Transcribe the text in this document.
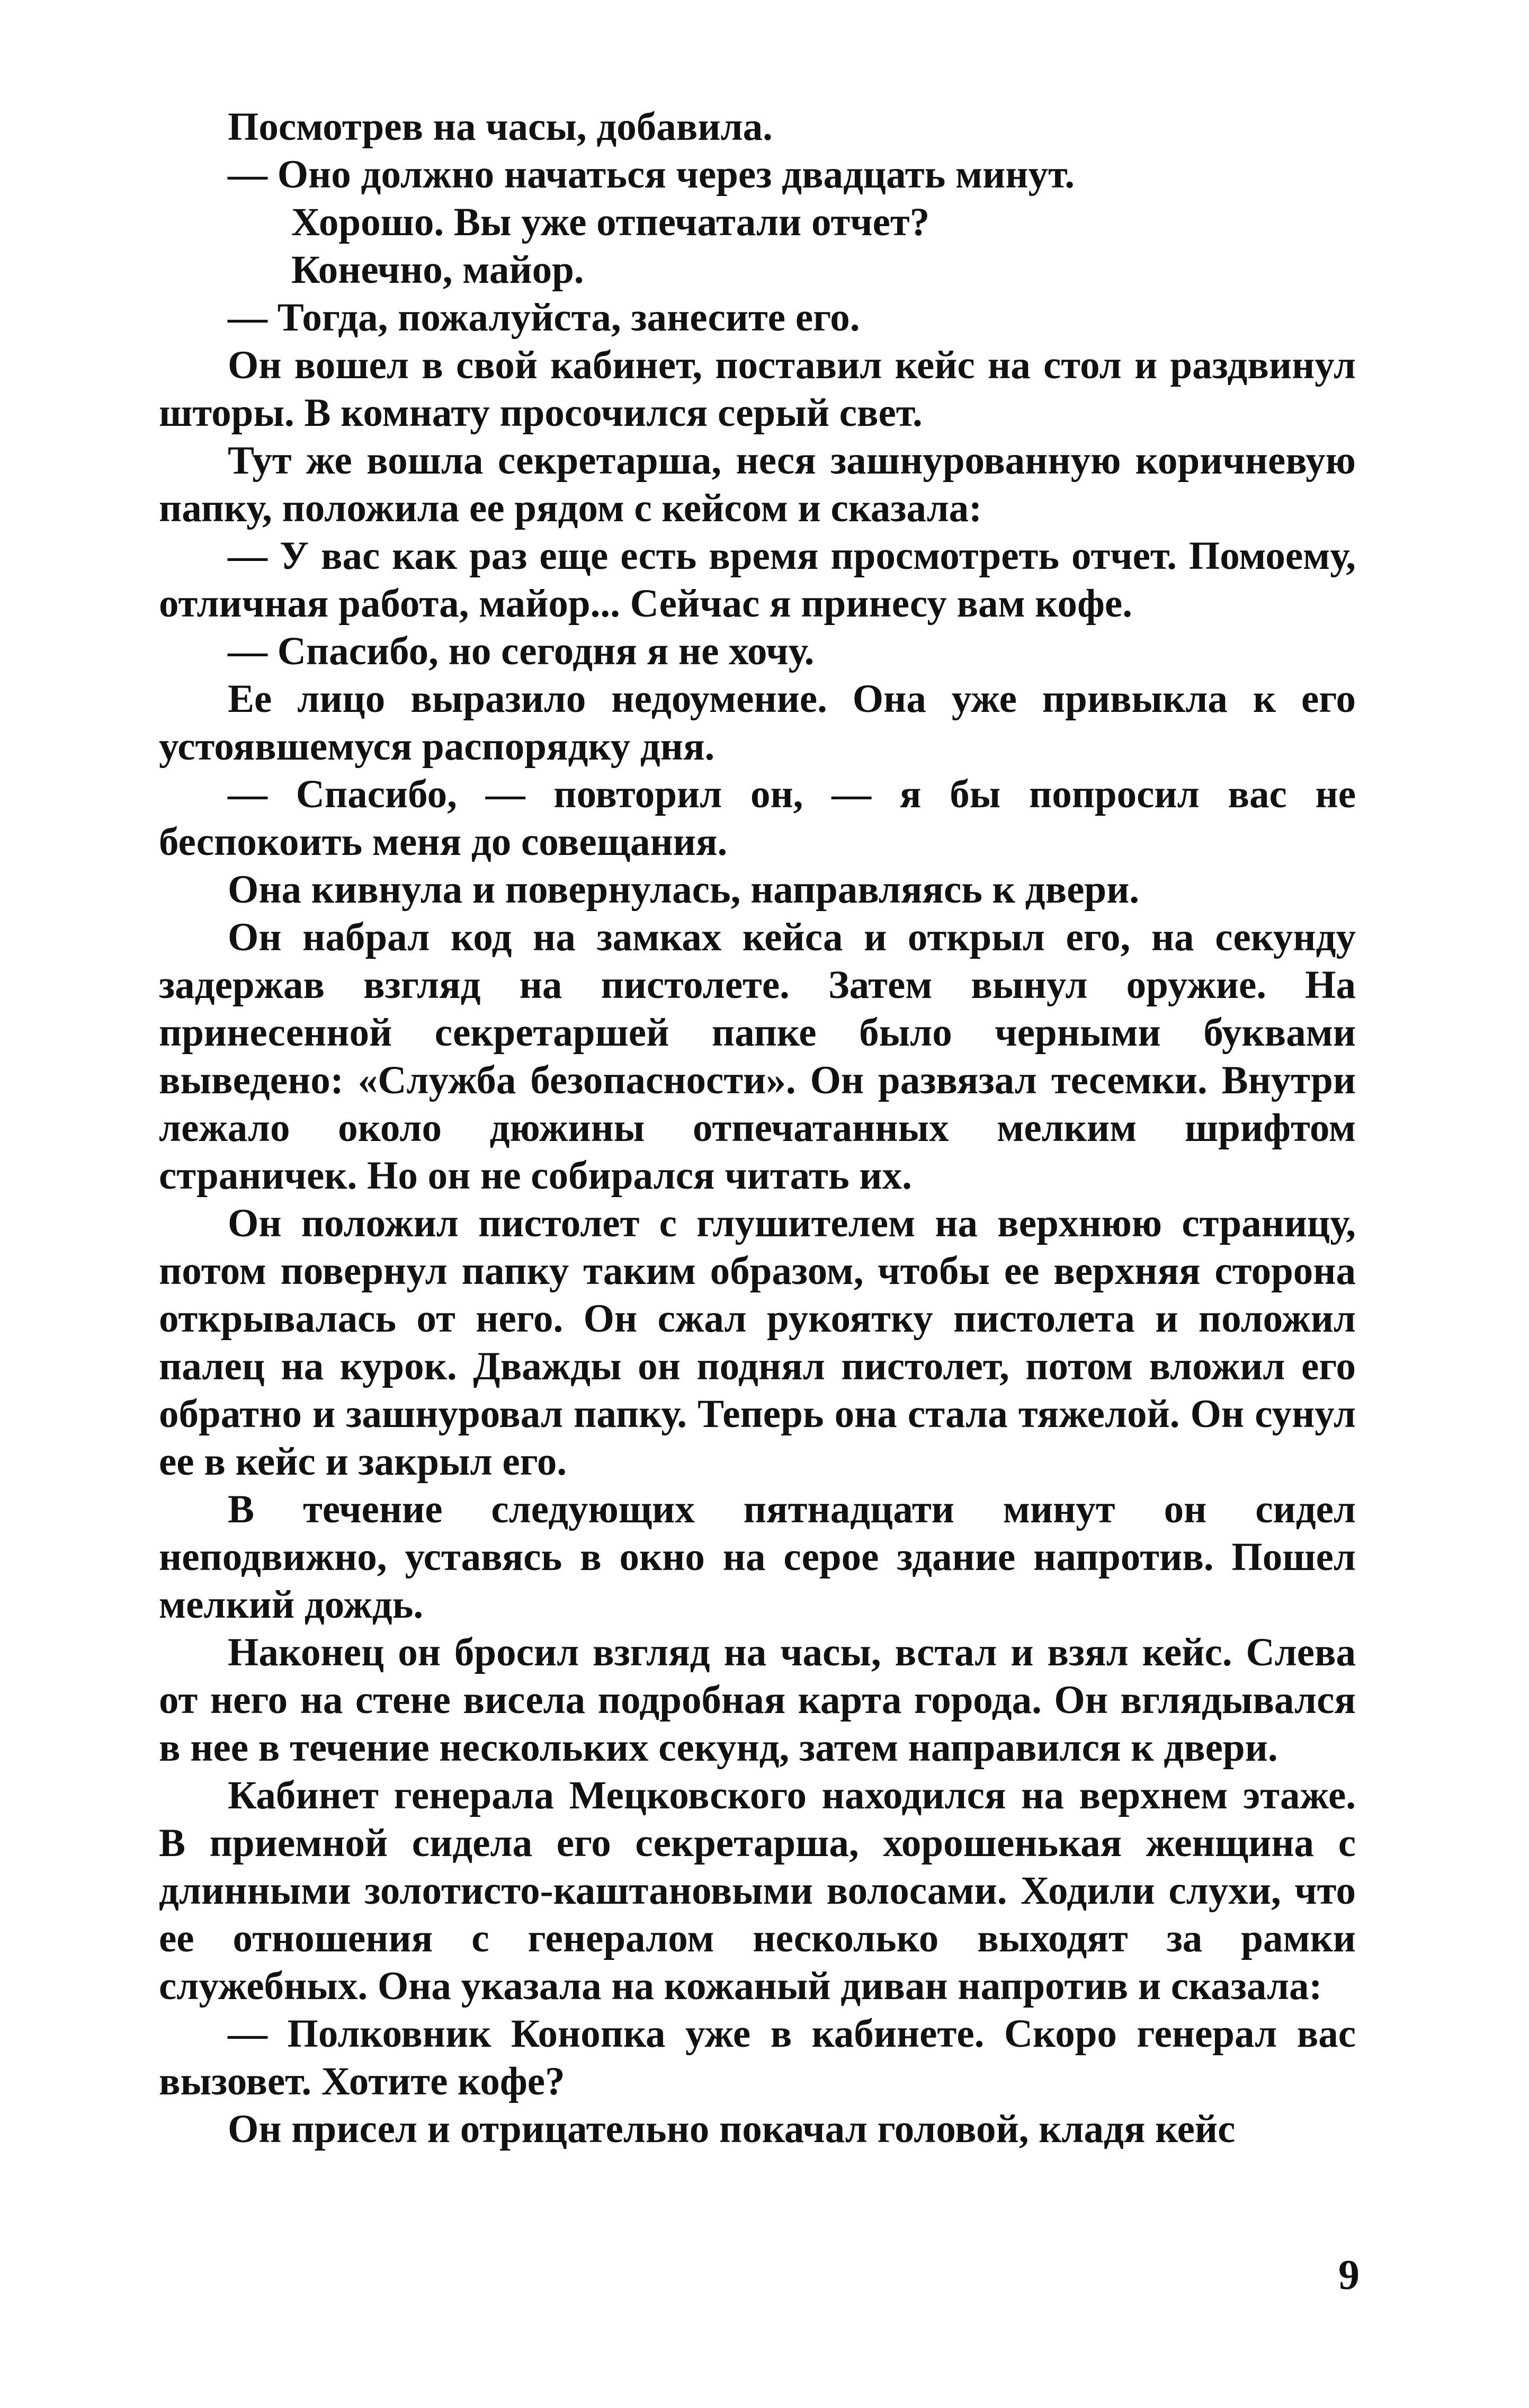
Посмотрев на часы, добавила.

— Оно должно начаться через двадцать минут.

Хорошо. Вы уже отпечатали отчет?

Конечно, майор.

— Тогда, пожалуйста, занесите его.

Он вошел в свой кабинет, поставил кейс на стол и раздвинул шторы. В комнату просочился серый свет.

Тут же вошла секретарша, неся зашнурованную коричневую папку, положила ее рядом с кейсом и сказала:

— У вас как раз еще есть время просмотреть отчет. Помоему, отличная работа, майор... Сейчас я принесу вам кофе.

— Спасибо, но сегодня я не хочу.

Ее лицо выразило недоумение. Она уже привыкла к его устоявшемуся распорядку дня.

— Спасибо, — повторил он, — я бы попросил вас не беспокоить меня до совещания.

Она кивнула и повернулась, направляясь к двери.

Он набрал код на замках кейса и открыл его, на секунду задержав взгляд на пистолете. Затем вынул оружие. На принесенной секретаршей папке было черными буквами выведено: «Служба безопасности». Он развязал тесемки. Внутри лежало около дюжины отпечатанных мелким шрифтом страничек. Но он не собирался читать их.

Он положил пистолет с глушителем на верхнюю страницу, потом повернул папку таким образом, чтобы ее верхняя сторона открывалась от него. Он сжал рукоятку пистолета и положил палец на курок. Дважды он поднял пистолет, потом вложил его обратно и зашнуровал папку. Теперь она стала тяжелой. Он сунул ее в кейс и закрыл его.

В течение следующих пятнадцати минут он сидел неподвижно, уставясь в окно на серое здание напротив. Пошел мелкий дождь.

Наконец он бросил взгляд на часы, встал и взял кейс. Слева от него на стене висела подробная карта города. Он вглядывался в нее в течение нескольких секунд, затем направился к двери.

Кабинет генерала Мецковского находился на верхнем этаже. В приемной сидела его секретарша, хорошенькая женщина с длинными золотисто-каштановыми волосами. Ходили слухи, что ее отношения с генералом несколько выходят за рамки служебных. Она указала на кожаный диван напротив и сказала:

— Полковник Конопка уже в кабинете. Скоро генерал вас вызовет. Хотите кофе?

Он присел и отрицательно покачал головой, кладя кейс

9
